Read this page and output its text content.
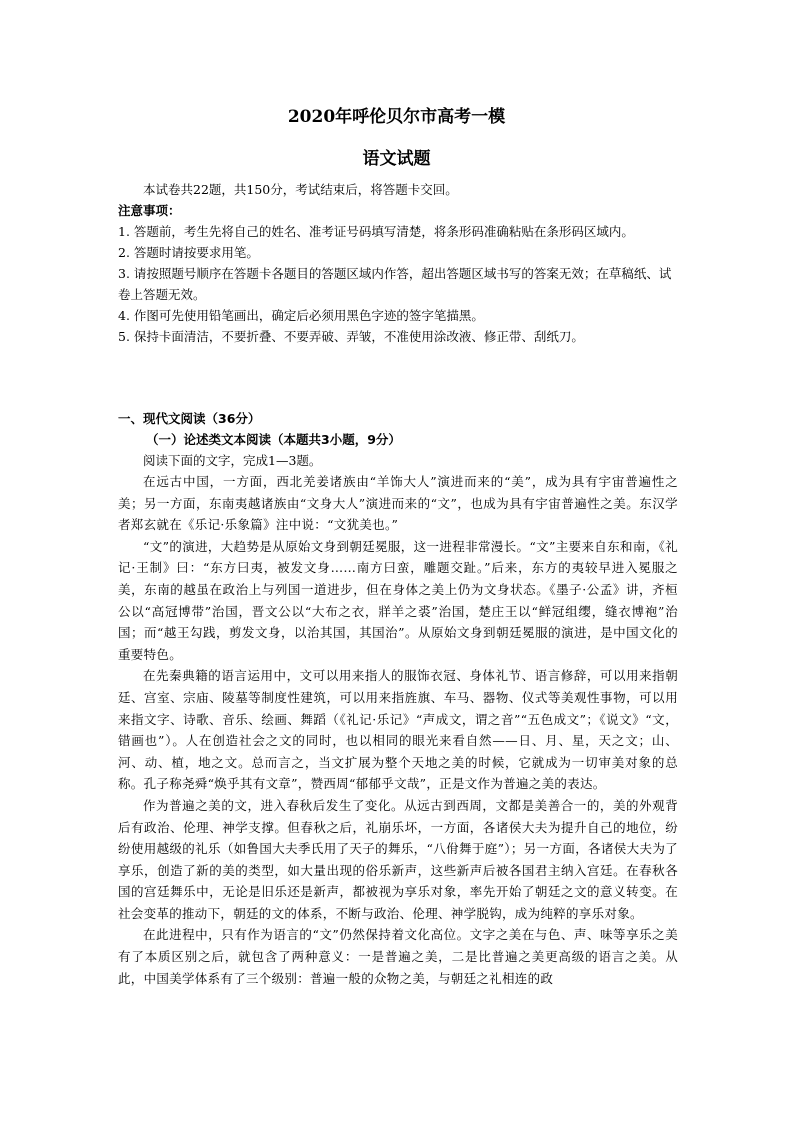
2020年呼伦贝尔市高考一模
语文试题

本试卷共22题，共150分，考试结束后，将答题卡交回。

注意事项：
1. 答题前，考生先将自己的姓名、准考证号码填写清楚，将条形码准确粘贴在条形码区域内。
2. 答题时请按要求用笔。
3. 请按照题号顺序在答题卡各题目的答题区域内作答，超出答题区域书写的答案无效；在草稿纸、试卷上答题无效。
4. 作图可先使用铅笔画出，确定后必须用黑色字迹的签字笔描黑。
5. 保持卡面清洁，不要折叠、不要弄破、弄皱，不准使用涂改液、修正带、刮纸刀。
一、现代文阅读（36分）
（一）论述类文本阅读（本题共3小题，9分）

阅读下面的文字，完成1—3题。

在远古中国，一方面，西北羌姜诸族由“羊饰大人”演进而来的“美”，成为具有宇宙普遍性之美；另一方面，东南夷越诸族由“文身大人”演进而来的“文”，也成为具有宇宙普遍性之美。东汉学者郑玄就在《乐记·乐象篇》注中说：“文犹美也。”

“文”的演进，大趋势是从原始文身到朝廷冕服，这一进程非常漫长。“文”主要来自东和南，《礼记·王制》曰：“东方曰夷，被发文身……南方曰蛮，雕题交趾。”后来，东方的夷较早进入冕服之美，东南的越虽在政治上与列国一道进步，但在身体之美上仍为文身状态。《墨子·公孟》讲，齐桓公以“高冠博带”治国，晋文公以“大布之衣，牂羊之裘”治国，楚庄王以“鲜冠组缨，缝衣博袍”治国；而“越王勾践，剪发文身，以治其国，其国治”。从原始文身到朝廷冕服的演进，是中国文化的重要特色。

在先秦典籍的语言运用中，文可以用来指人的服饰衣冠、身体礼节、语言修辞，可以用来指朝廷、宫室、宗庙、陵墓等制度性建筑，可以用来指旌旗、车马、器物、仪式等美观性事物，可以用来指文字、诗歌、音乐、绘画、舞蹈（《礼记·乐记》“声成文，谓之音”“五色成文”；《说文》“文，错画也”）。人在创造社会之文的同时，也以相同的眼光来看自然——日、月、星，天之文；山、河、动、植，地之文。总而言之，当文扩展为整个天地之美的时候，它就成为一切审美对象的总称。孔子称尧舜“焕乎其有文章”，赞西周“郁郁乎文哉”，正是文作为普遍之美的表达。

作为普遍之美的文，进入春秋后发生了变化。从远古到西周，文都是美善合一的，美的外观背后有政治、伦理、神学支撑。但春秋之后，礼崩乐坏，一方面，各诸侯大夫为提升自己的地位，纷纷使用越级的礼乐（如鲁国大夫季氏用了天子的舞乐，“八佾舞于庭”）；另一方面，各诸侯大夫为了享乐，创造了新的美的类型，如大量出现的俗乐新声，这些新声后被各国君主纳入宫廷。在春秋各国的宫廷舞乐中，无论是旧乐还是新声，都被视为享乐对象，率先开始了朝廷之文的意义转变。在社会变革的推动下，朝廷的文的体系，不断与政治、伦理、神学脱钩，成为纯粹的享乐对象。

在此进程中，只有作为语言的“文”仍然保持着文化高位。文字之美在与色、声、味等享乐之美有了本质区别之后，就包含了两种意义：一是普遍之美，二是比普遍之美更高级的语言之美。从此，中国美学体系有了三个级别：普遍一般的众物之美，与朝廷之礼相连的政
